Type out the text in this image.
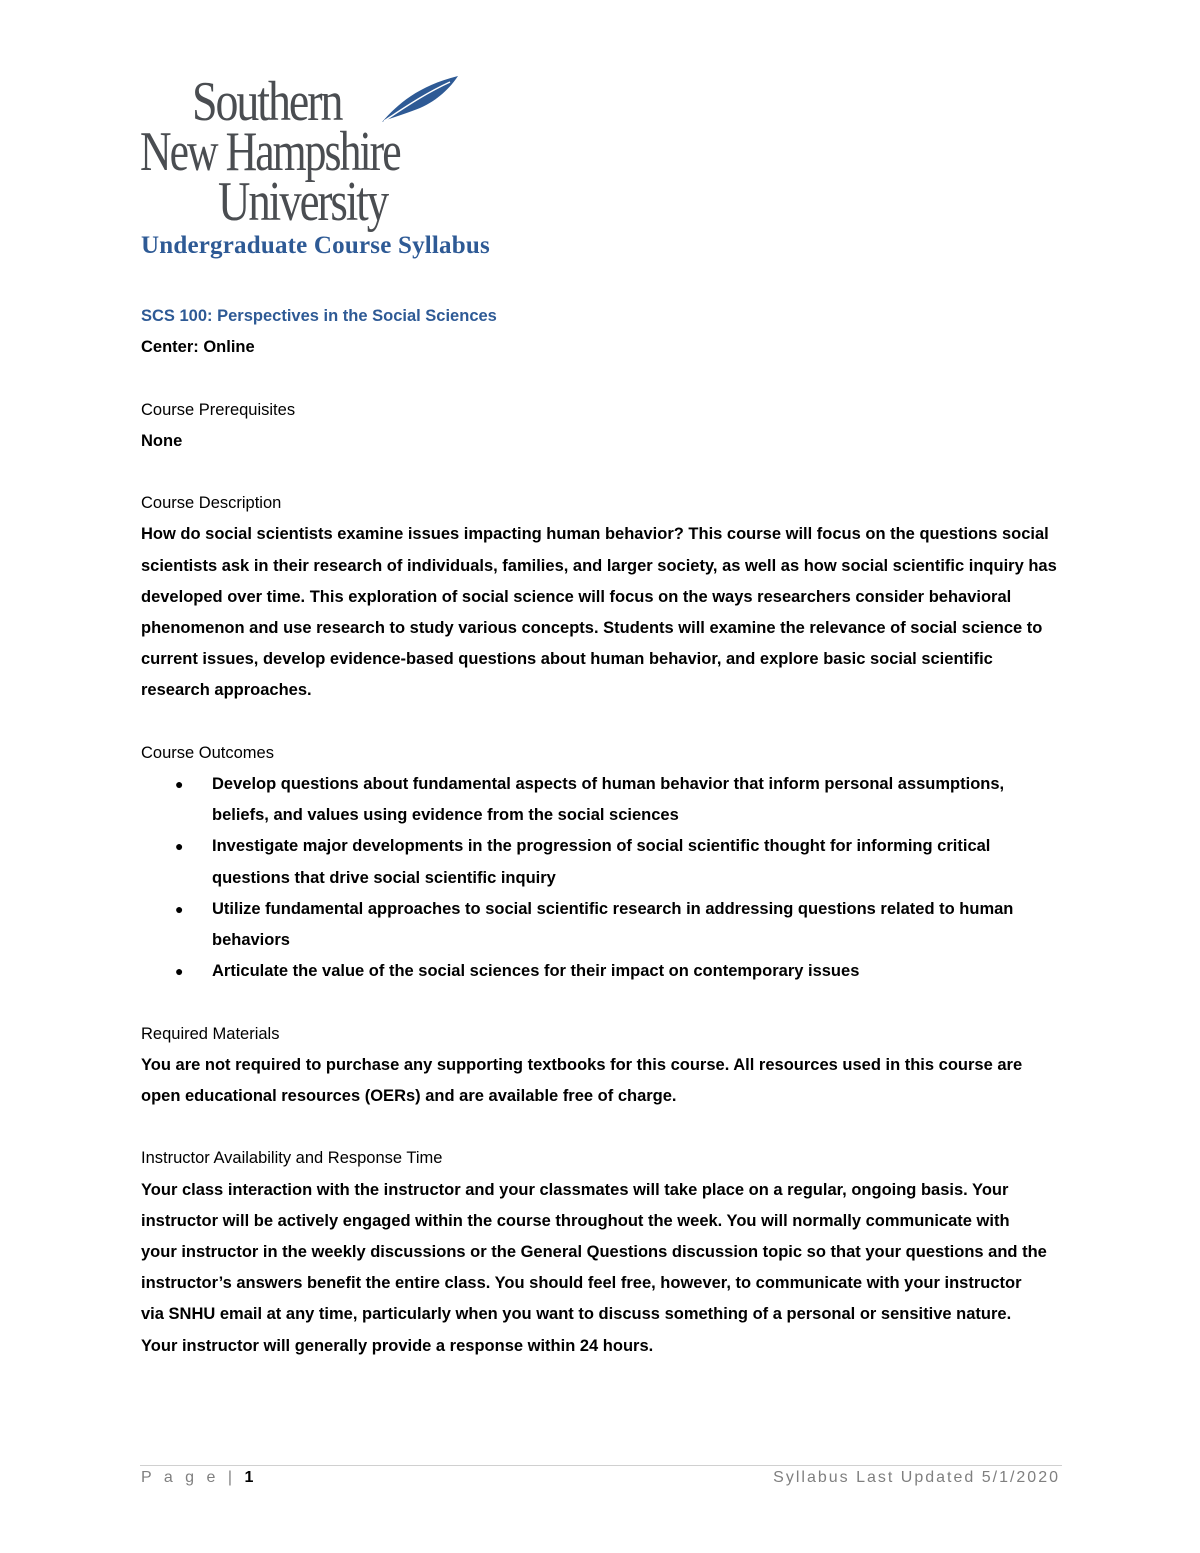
Southern
New Hampshire
University
Undergraduate Course Syllabus

SCS 100: Perspectives in the Social Sciences

Center: Online

Course Prerequisites

None

Course Description

How do social scientists examine issues impacting human behavior? This course will focus on the questions social

scientists ask in their research of individuals, families, and larger society, as well as how social scientific inquiry has

developed over time. This exploration of social science will focus on the ways researchers consider behavioral

phenomenon and use research to study various concepts. Students will examine the relevance of social science to

current issues, develop evidence-based questions about human behavior, and explore basic social scientific

research approaches.

Course Outcomes

● Develop questions about fundamental aspects of human behavior that inform personal assumptions,
beliefs, and values using evidence from the social sciences
● Investigate major developments in the progression of social scientific thought for informing critical
questions that drive social scientific inquiry
● Utilize fundamental approaches to social scientific research in addressing questions related to human
behaviors
● Articulate the value of the social sciences for their impact on contemporary issues

Required Materials

You are not required to purchase any supporting textbooks for this course. All resources used in this course are

open educational resources (OERs) and are available free of charge.

Instructor Availability and Response Time

Your class interaction with the instructor and your classmates will take place on a regular, ongoing basis. Your

instructor will be actively engaged within the course throughout the week. You will normally communicate with

your instructor in the weekly discussions or the General Questions discussion topic so that your questions and the

instructor’s answers benefit the entire class. You should feel free, however, to communicate with your instructor

via SNHU email at any time, particularly when you want to discuss something of a personal or sensitive nature.

Your instructor will generally provide a response within 24 hours.

P a g e | 1	Syllabus Last Updated 5/1/2020
